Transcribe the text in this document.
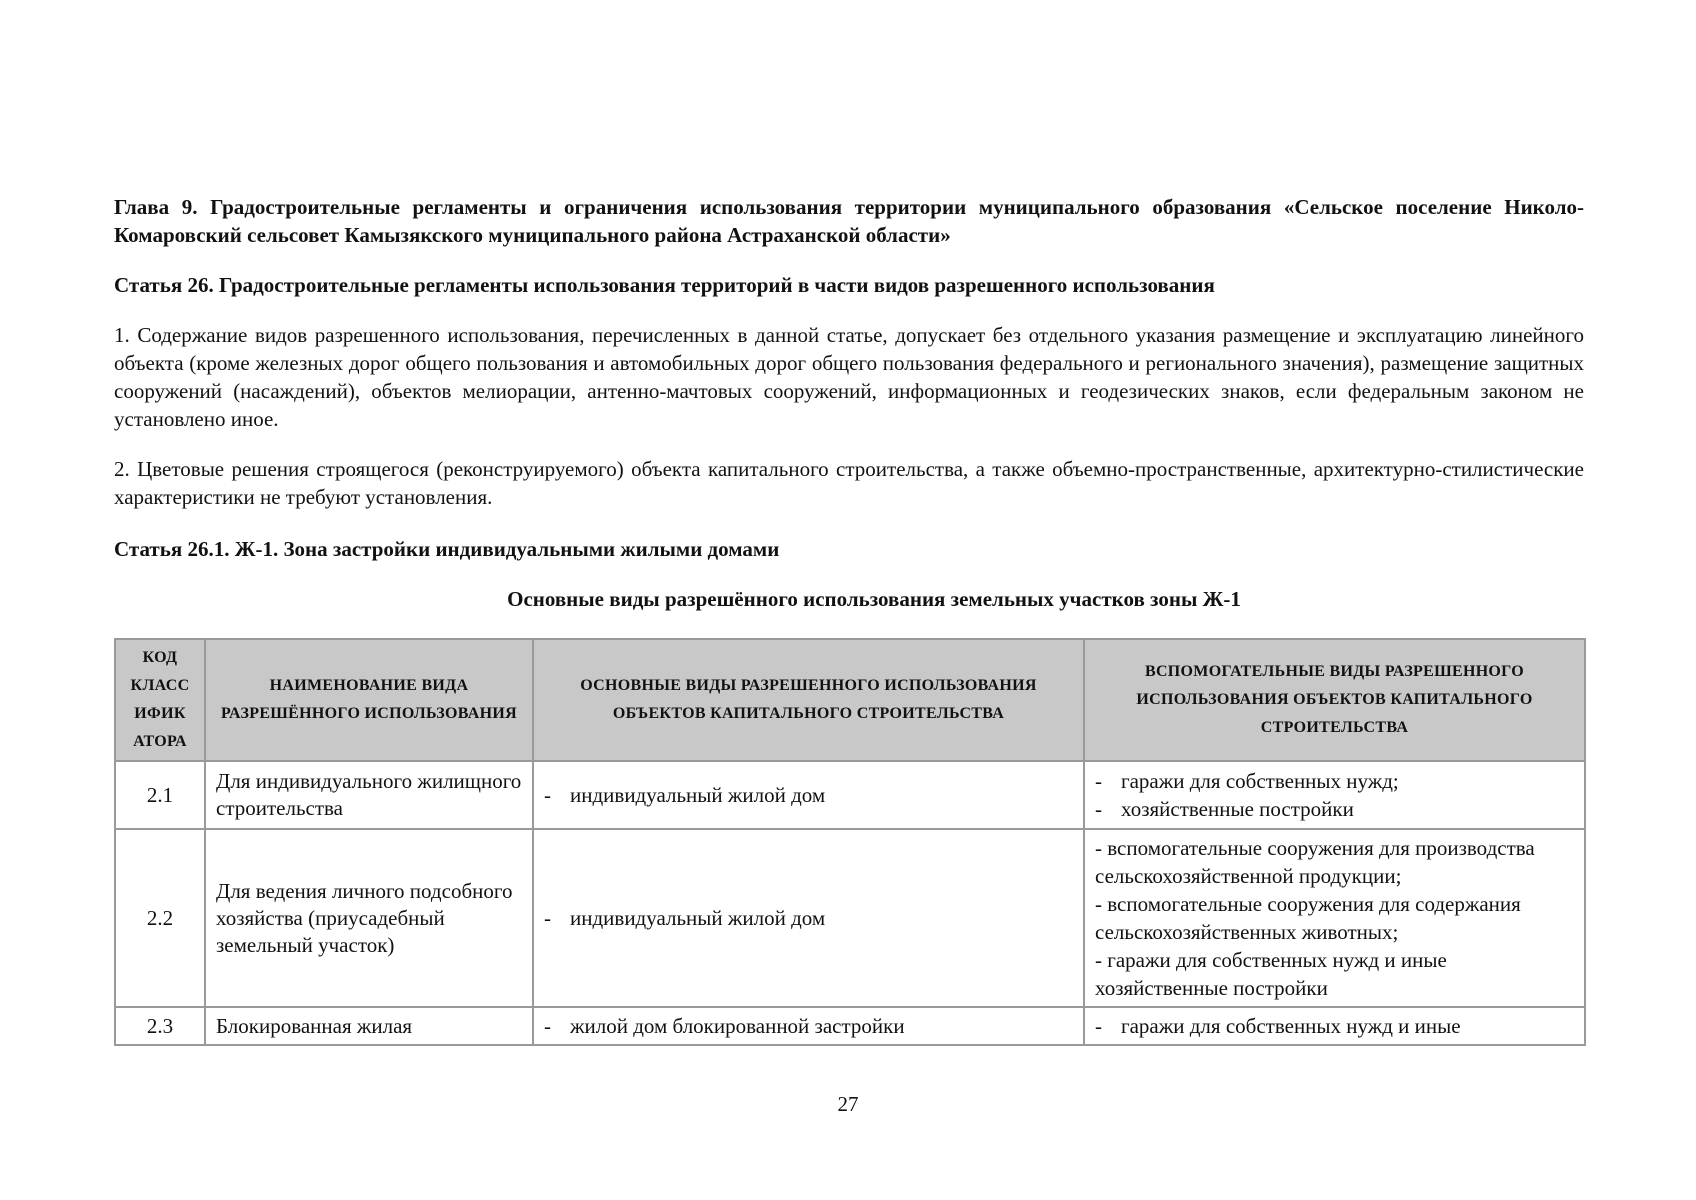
Глава 9. Градостроительные регламенты и ограничения использования территории муниципального образования «Сельское поселение Николо-Комаровский сельсовет Камызякского муниципального района Астраханской области»

Статья 26. Градостроительные регламенты использования территорий в части видов разрешенного использования

1. Содержание видов разрешенного использования, перечисленных в данной статье, допускает без отдельного указания размещение и эксплуатацию линейного объекта (кроме железных дорог общего пользования и автомобильных дорог общего пользования федерального и регионального значения), размещение защитных сооружений (насаждений), объектов мелиорации, антенно-мачтовых сооружений, информационных и геодезических знаков, если федеральным законом не установлено иное.

2. Цветовые решения строящегося (реконструируемого) объекта капитального строительства, а также объемно-пространственные, архитектурно-стилистические характеристики не требуют установления.

Статья 26.1. Ж-1. Зона застройки индивидуальными жилыми домами

Основные виды разрешённого использования земельных участков зоны Ж-1
КОД КЛАСС ИФИК АТОРА	НАИМЕНОВАНИЕ ВИДА РАЗРЕШЁННОГО ИСПОЛЬЗОВАНИЯ	ОСНОВНЫЕ ВИДЫ РАЗРЕШЕННОГО ИСПОЛЬЗОВАНИЯ ОБЪЕКТОВ КАПИТАЛЬНОГО СТРОИТЕЛЬСТВА	ВСПОМОГАТЕЛЬНЫЕ ВИДЫ РАЗРЕШЕННОГО ИСПОЛЬЗОВАНИЯ ОБЪЕКТОВ КАПИТАЛЬНОГО СТРОИТЕЛЬСТВА
2.1	Для индивидуального жилищного строительства	- индивидуальный жилой дом	- гаражи для собственных нужд;
- хозяйственные постройки

2.2	Для ведения личного подсобного хозяйства (приусадебный земельный участок)	- индивидуальный жилой дом	- вспомогательные сооружения для производства сельскохозяйственной продукции;
- вспомогательные сооружения для содержания сельскохозяйственных животных;
- гаражи для собственных нужд и иные хозяйственные постройки

2.3	Блокированная жилая	- жилой дом блокированной застройки	- гаражи для собственных нужд и иные
27
